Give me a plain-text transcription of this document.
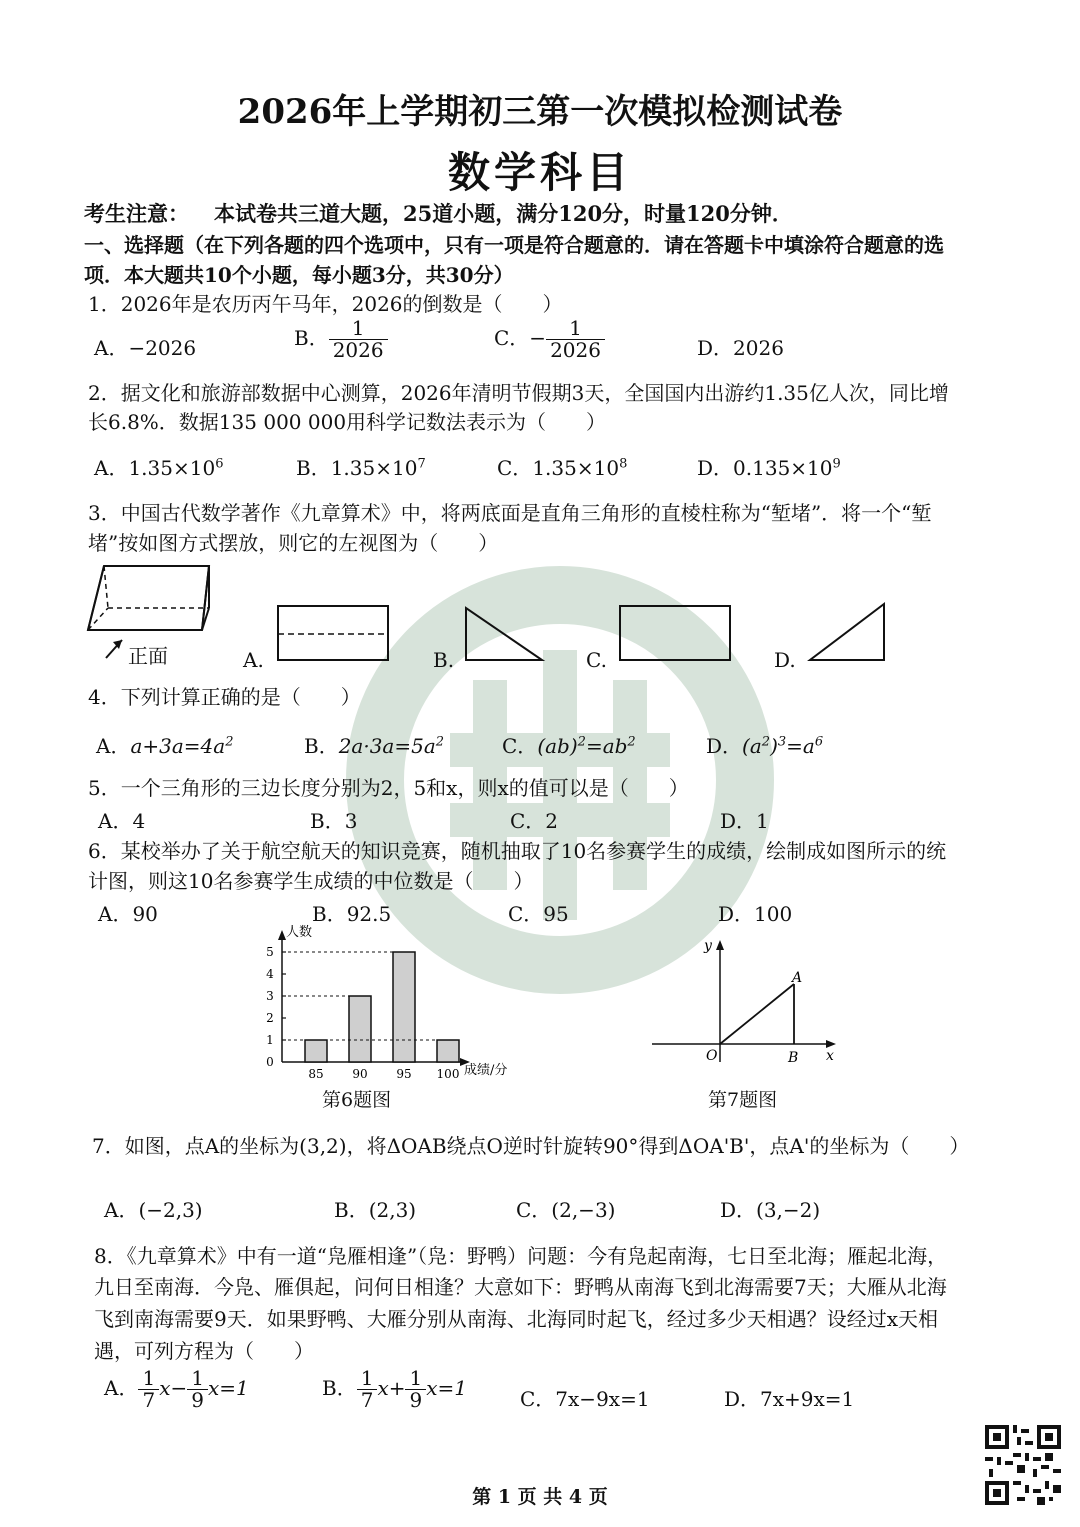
2026年上学期初三第一次模拟检测试卷
数学科目
考生注意： 本试卷共三道大题，25道小题，满分120分，时量120分钟．
一、选择题（在下列各题的四个选项中，只有一项是符合题意的．请在答题卡中填涂符合题意的选
项．本大题共10个小题，每小题3分，共30分）
1．2026年是农历丙午马年，2026的倒数是（　　）
A．−2026	B． $\frac{1}{2026}$	C．− $\frac{1}{2026}$	D．2026
2．据文化和旅游部数据中心测算，2026年清明节假期3天，全国国内出游约1.35亿人次，同比增
长6.8%．数据135 000 000用科学记数法表示为（　　）
A．$1.35\times 10^6$	B．$1.35\times 10^7$	C．$1.35\times 10^8$	D．$0.135\times 10^9$
3．中国古代数学著作《九章算术》中，将两底面是直角三角形的直棱柱称为“堑堵”．将一个“堑
堵”按如图方式摆放，则它的左视图为（　　）
正面	A.	B.	C.	D.
4．下列计算正确的是（　　）
A．$a+3a=4a^2$	B．$2a\cdot 3a=5a^2$	C．$(ab)^2=ab^2$	D．$(a^2)^3=a^6$
5．一个三角形的三边长度分别为2，5和x，则x的值可以是（　　）
A．4	B．3	C．2	D．1
6．某校举办了关于航空航天的知识竞赛，随机抽取了10名参赛学生的成绩，绘制成如图所示的统
计图，则这10名参赛学生成绩的中位数是（　　）
A．90	B．92.5	C．95	D．100
人数
成绩/分
0
1
2
3
4
5
85 90 95 100
第6题图
y
x
O	B
A
第7题图
7．如图，点A的坐标为(3,2)，将ΔOAB绕点O逆时针旋转90°得到ΔOA'B'，点A'的坐标为（　　）
A．(−2,3)	B．(2,3)	C．(2,−3)	D．(3,−2)
8．《九章算术》中有一道“凫雁相逢”（凫：野鸭）问题：今有凫起南海，七日至北海；雁起北海，
九日至南海．今凫、雁俱起，问何日相逢？大意如下：野鸭从南海飞到北海需要7天；大雁从北海
飞到南海需要9天．如果野鸭、大雁分别从南海、北海同时起飞，经过多少天相遇？设经过x天相
遇，可列方程为（　　）
A． $\frac{1}{7} x- \frac{1}{9} x=1$	B． $\frac{1}{7} x+ \frac{1}{9} x=1$	C．7x−9x=1	D．7x+9x=1
第 1 页 共 4 页
